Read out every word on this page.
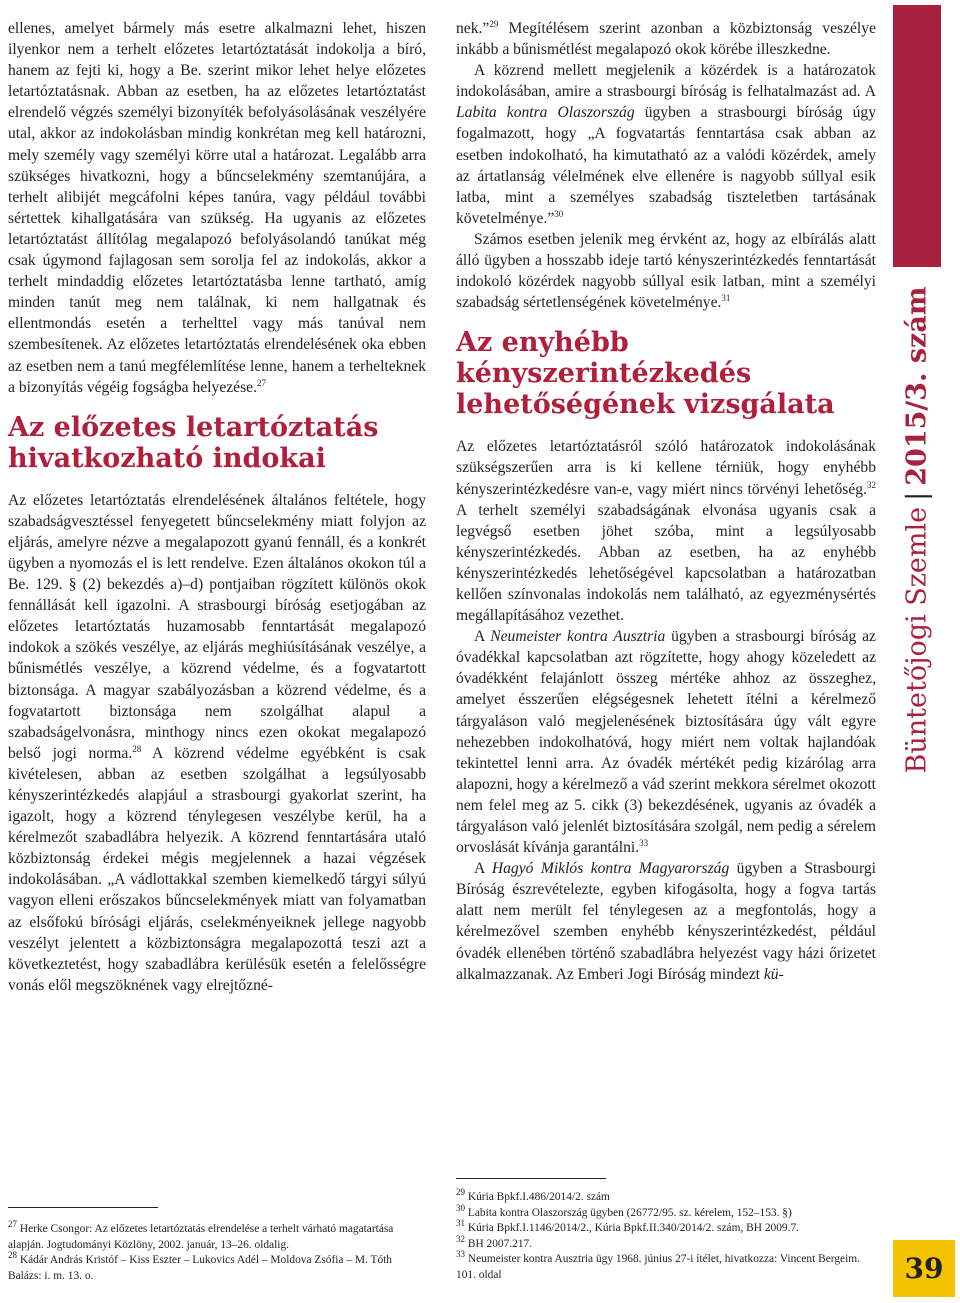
ellenes, amelyet bármely más esetre alkalmazni lehet, hiszen ilyenkor nem a terhelt előzetes letartóztatását indokolja a bíró, hanem az fejti ki, hogy a Be. szerint mikor lehet helye előzetes letartóztatásnak. Abban az esetben, ha az előzetes letartóztatást elrendelő végzés személyi bizonyíték befolyásolásának veszélyére utal, akkor az indokolásban mindig konkrétan meg kell határozni, mely személy vagy személyi körre utal a határozat. Legalább arra szükséges hivatkozni, hogy a bűncselekmény szemtanújára, a terhelt alibijét megcáfolni képes tanúra, vagy például további sértettek kihallgatására van szükség. Ha ugyanis az előzetes letartóztatást állítólag megalapozó befolyásolandó tanúkat még csak úgymond fajlagosan sem sorolja fel az indokolás, akkor a terhelt mindaddig előzetes letartóztatásba lenne tartható, amíg minden tanút meg nem találnak, ki nem hallgatnak és ellentmondás esetén a terhelttel vagy más tanúval nem szembesítenek. Az előzetes letartóztatás elrendelésének oka ebben az esetben nem a tanú megfélemlítése lenne, hanem a terhelteknek a bizonyítás végéig fogságba helyezése.$^{27}$

Az előzetes letartóztatás hivatkozható indokai

Az előzetes letartóztatás elrendelésének általános feltétele, hogy szabadságvesztéssel fenyegetett bűncselekmény miatt folyjon az eljárás, amelyre nézve a megalapozott gyanú fennáll, és a konkrét ügyben a nyomozás el is lett rendelve. Ezen általános okokon túl a Be. 129. § (2) bekezdés a)–d) pontjaiban rögzített különös okok fennállását kell igazolni. A strasbourgi bíróság esetjogában az előzetes letartóztatás huzamosabb fenntartását megalapozó indokok a szökés veszélye, az eljárás meghiúsításának veszélye, a bűnismétlés veszélye, a közrend védelme, és a fogvatartott biztonsága. A magyar szabályozásban a közrend védelme, és a fogvatartott biztonsága nem szolgálhat alapul a szabadságelvonásra, minthogy nincs ezen okokat megalapozó belső jogi norma.$^{28}$ A közrend védelme egyébként is csak kivételesen, abban az esetben szolgálhat a legsúlyosabb kényszerintézkedés alapjául a strasbourgi gyakorlat szerint, ha igazolt, hogy a közrend ténylegesen veszélybe kerül, ha a kérelmezőt szabadlábra helyezik. A közrend fenntartására utaló közbiztonság érdekei mégis megjelennek a hazai végzések indokolásában. „A vádlottakkal szemben kiemelkedő tárgyi súlyú vagyon elleni erőszakos bűncselekmények miatt van folyamatban az elsőfokú bírósági eljárás, cselekményeiknek jellege nagyobb veszélyt jelentett a közbiztonságra megalapozottá teszi azt a következtetést, hogy szabadlábra kerülésük esetén a felelősségre vonás elől megszöknének vagy elrejtőzné-

nek.”$^{29}$ Megítélésem szerint azonban a közbiztonság veszélye inkább a bűnismétlést megalapozó okok körébe illeszkedne.

A közrend mellett megjelenik a közérdek is a határozatok indokolásában, amire a strasbourgi bíróság is felhatalmazást ad. A Labita kontra Olaszország ügyben a strasbourgi bíróság úgy fogalmazott, hogy „A fogvatartás fenntartása csak abban az esetben indokolható, ha kimutatható az a valódi közérdek, amely az ártatlanság vélelmének elve ellenére is nagyobb súllyal esik latba, mint a személyes szabadság tiszteletben tartásának követelménye.”$^{30}$

Számos esetben jelenik meg érvként az, hogy az elbírálás alatt álló ügyben a hosszabb ideje tartó kényszerintézkedés fenntartását indokoló közérdek nagyobb súllyal esik latban, mint a személyi szabadság sértetlenségének követelménye.$^{31}$

Az enyhébb kényszerintézkedés lehetőségének vizsgálata

Az előzetes letartóztatásról szóló határozatok indokolásának szükségszerűen arra is ki kellene térniük, hogy enyhébb kényszerintézkedésre van-e, vagy miért nincs törvényi lehetőség.$^{32}$ A terhelt személyi szabadságának elvonása ugyanis csak a legvégső esetben jöhet szóba, mint a legsúlyosabb kényszerintézkedés. Abban az esetben, ha az enyhébb kényszerintézkedés lehetőségével kapcsolatban a határozatban kellően színvonalas indokolás nem található, az egyezménysértés megállapításához vezethet.

A Neumeister kontra Ausztria ügyben a strasbourgi bíróság az óvadékkal kapcsolatban azt rögzítette, hogy ahogy közeledett az óvadékként felajánlott összeg mértéke ahhoz az összeghez, amelyet ésszerűen elégségesnek lehetett ítélni a kérelmező tárgyaláson való megjelenésének biztosítására úgy vált egyre nehezebben indokolhatóvá, hogy miért nem voltak hajlandóak tekintettel lenni arra. Az óvadék mértékét pedig kizárólag arra alapozni, hogy a kérelmező a vád szerint mekkora sérelmet okozott nem felel meg az 5. cikk (3) bekezdésének, ugyanis az óvadék a tárgyaláson való jelenlét biztosítására szolgál, nem pedig a sérelem orvoslását kívánja garantálni.$^{33}$

A Hagyó Miklós kontra Magyarország ügyben a Strasbourgi Bíróság észrevételezte, egyben kifogásolta, hogy a fogva tartás alatt nem merült fel ténylegesen az a megfontolás, hogy a kérelmezővel szemben enyhébb kényszerintézkedést, például óvadék ellenében történő szabadlábra helyezést vagy házi őrizetet alkalmazzanak. Az Emberi Jogi Bíróság mindezt kü-

$^{27}$ Herke Csongor: Az előzetes letartóztatás elrendelése a terhelt várható magatartása alapján. Jogtudományi Közlöny, 2002. január, 13–26. oldalig.

$^{28}$ Kádár András Kristóf – Kiss Eszter – Lukovics Adél – Moldova Zsófia – M. Tóth Balázs: i. m. 13. o.

$^{29}$ Kúria Bpkf.I.486/2014/2. szám

$^{30}$ Labita kontra Olaszország ügyben (26772/95. sz. kérelem, 152–153. §)

$^{31}$ Kúria Bpkf.I.1146/2014/2., Kúria Bpkf.II.340/2014/2. szám, BH 2009.7.

$^{32}$ BH 2007.217.

$^{33}$ Neumeister kontra Ausztria ügy 1968. június 27-i ítélet, hivatkozza: Vincent Bergeim. 101. oldal

Büntetőjogi Szemle|2015/3. szám
39
